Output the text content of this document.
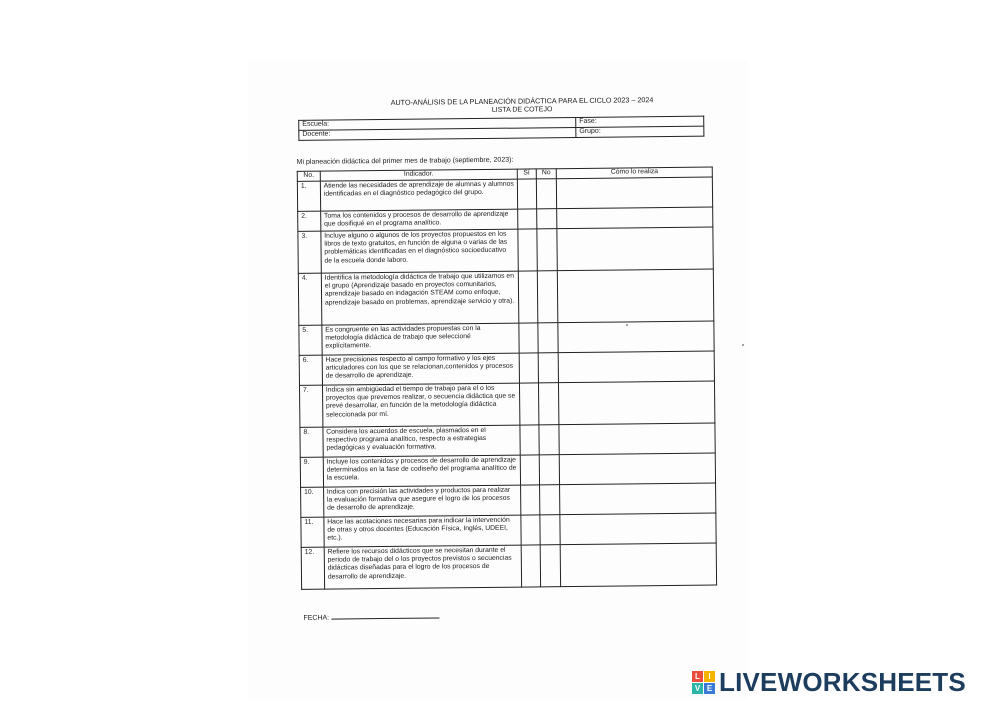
AUTO-ANÁLISIS DE LA PLANEACIÓN DIDÁCTICA PARA EL CICLO 2023 – 2024
LISTA DE COTEJO
Escuela:	Fase:
Docente:	Grupo:
Mi planeación didáctica del primer mes de trabajo (septiembre, 2023):
No.	Indicador.	Sí	No	Cómo lo realiza
1.	Atiende las necesidades de aprendizaje de alumnas y alumnos identificadas en el diagnóstico pedagógico del grupo.			
2.	Toma los contenidos y procesos de desarrollo de aprendizaje que dosifiqué en el programa analítico.			
3.	Incluye alguno o algunos de los proyectos propuestos en los libros de texto gratuitos, en función de alguna o varias de las problemáticas identificadas en el diagnóstico socioeducativo de la escuela donde laboro.			
4.	Identifica la metodología didáctica de trabajo que utilizamos en el grupo (Aprendizaje basado en proyectos comunitarios, aprendizaje basado en indagación STEAM como enfoque, aprendizaje basado en problemas, aprendizaje servicio y otra).			
5.	Es congruente en las actividades propuestas con la metodología didáctica de trabajo que seleccioné explícitamente.			
6.	Hace precisiones respecto al campo formativo y los ejes articuladores con los que se relacionan,contenidos y procesos de desarrollo de aprendizaje.			
7.	Indica sin ambigüedad el tiempo de trabajo para el o los proyectos que prevemos realizar, o secuencia didáctica que se prevé desarrollar, en función de la metodología didáctica seleccionada por mí.			
8.	Considera los acuerdos de escuela, plasmados en el respectivo programa analítico, respecto a estrategias pedagógicas y evaluación formativa.			
9.	Incluye los contenidos y procesos de desarrollo de aprendizaje determinados en la fase de codiseño del programa analítico de la escuela.			
10.	Indica con precisión las actividades y productos para realizar la evaluación formativa que asegure el logro de los procesos de desarrollo de aprendizaje.			
11.	Hace las acotaciones necesarias para indicar la intervención de otras y otros docentes (Educación Física, Inglés, UDEEI, etc.).			
12.	Refiere los recursos didácticos que se necesitan durante el periodo de trabajo del o los proyectos previstos o secuencias didácticas diseñadas para el logro de los procesos de desarrollo de aprendizaje.			
FECHA:
L	I
V E LIVEWORKSHEETS
